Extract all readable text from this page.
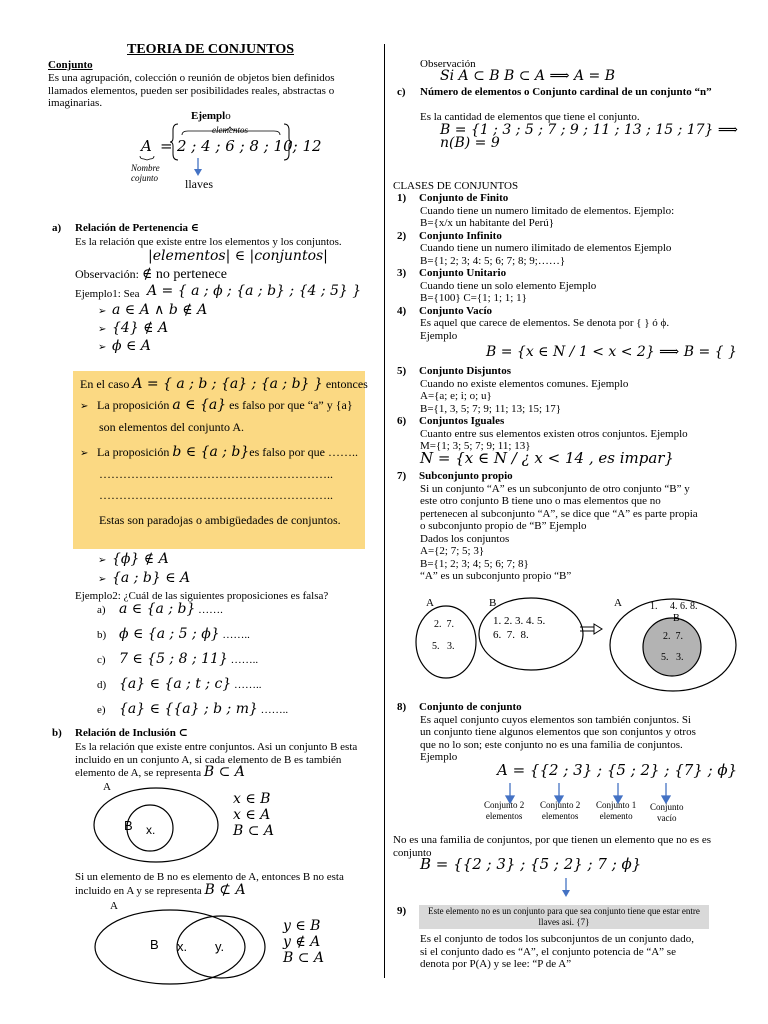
TEORIA DE CONJUNTOS
Conjunto
Es una agrupación, colección o reunión de objetos bien definidos llamados elementos, pueden ser posibilidades reales, abstractas o imaginarias.
Ejemplo
elementos
A = 2 ; 4 ; 6 ; 8 ; 10; 12
Nombre
cojunto llaves
a) Relación de Pertenencia ∈
Es la relación que existe entre los elementos y los conjuntos.
|elementos| ∈ |conjuntos|
Observación: ∉ no pertenece
Ejemplo1: Sea A = { a ; ϕ ; {a ; b} ; {4 ; 5} }
➢ a ∈ A ∧ b ∉ A
➢ {4} ∉ A
➢ ϕ ∈ A
En el caso A = { a ; b ; {a} ; {a ; b} } entonces
➢ La proposición a ∈ {a} es falso por que “a” y {a}
son elementos del conjunto A.
➢ La proposición b ∈ {a ; b}es falso por que ……..
…………………………………………………..
…………………………………………………..
Estas son paradojas o ambigüedades de conjuntos.
➢ {ϕ} ∉ A
➢ {a ; b} ∈ A
Ejemplo2: ¿Cuál de las siguientes proposiciones es falsa?
a) a ∈ {a ; b} …….
b) ϕ ∈ {a ; 5 ; ϕ} ……..
c) 7 ∈ {5 ; 8 ; 11} ……..
d) {a} ∈ {a ; t ; c} ……..
e) {a} ∈ {{a} ; b ; m} ……..
b) Relación de Inclusión ⊂
Es la relación que existe entre conjuntos. Asi un conjunto B esta incluido en un conjunto A, si cada elemento de B es también elemento de A, se representa B ⊂ A
A
B x.
x ∈ B
x ∈ A
B ⊂ A
Si un elemento de B no es elemento de A, entonces B no esta incluido en A y se representa B ⊄ A
A
B x. y.
y ∈ B
y ∉ A
B ⊂ A
Observación
Si A ⊂ B B ⊂ A ⟹ A = B
c) Número de elementos o Conjunto cardinal de un conjunto “n”
Es la cantidad de elementos que tiene el conjunto.
B = {1 ; 3 ; 5 ; 7 ; 9 ; 11 ; 13 ; 15 ; 17} ⟹ n(B) = 9
CLASES DE CONJUNTOS
1) Conjunto de Finito
Cuando tiene un numero limitado de elementos. Ejemplo:
B={x/x un habitante del Perú}
2) Conjunto Infinito
Cuando tiene un numero ilimitado de elementos Ejemplo
B={1; 2; 3; 4: 5; 6; 7; 8; 9;……}
3) Conjunto Unitario
Cuando tiene un solo elemento Ejemplo
B={100} C={1; 1; 1; 1}
4) Conjunto Vacío
Es aquel que carece de elementos. Se denota por { } ó ϕ.
Ejemplo
B = {x ∈ N / 1 < x < 2} ⟹ B = { }
5) Conjunto Disjuntos
Cuando no existe elementos comunes. Ejemplo
A={a; e; i; o; u}
B={1, 3, 5; 7; 9; 11; 13; 15; 17}
6) Conjuntos Iguales
Cuanto entre sus elementos existen otros conjuntos. Ejemplo
M={1; 3; 5; 7; 9; 11; 13}
N = {x ∈ N / ¿ x < 14 , es impar}
7) Subconjunto propio
Si un conjunto “A” es un subconjunto de otro conjunto “B” y
este otro conjunto B tiene uno o mas elementos que no
pertenecen al subconjunto “A”, se dice que “A” es parte propia
o subconjunto propio de “B” Ejemplo
Dados los conjuntos
A={2; 7; 5; 3}
B={1; 2; 3; 4; 5; 6; 7; 8}
“A” es un subconjunto propio “B”
A	B
2.  7.
5.   3.
1. 2. 3. 4. 5.
6.  7.  8.
A	1.     4. 6. 8.
B
2.  7.
5.   3.
8) Conjunto de conjunto
Es aquel conjunto cuyos elementos son también conjuntos. Si
un conjunto tiene algunos elementos que son conjuntos y otros
que no lo son; este conjunto no es una familia de conjuntos.
Ejemplo
A = {{2 ; 3} ; {5 ; 2} ; {7} ; ϕ}
Conjunto 2
elementos
Conjunto 2
elementos
Conjunto 1
elemento
Conjunto
vacío
No es una familia de conjuntos, por que tienen un elemento que no es es conjunto
B = {{2 ; 3} ; {5 ; 2} ; 7 ; ϕ}
9)	Este elemento no es un conjunto para que sea conjunto tiene que estar entre llaves asi. {7}
Es el conjunto de todos los subconjuntos de un conjunto dado,
si el conjunto dado es “A”, el conjunto potencia de “A” se
denota por P(A) y se lee: “P de A”
